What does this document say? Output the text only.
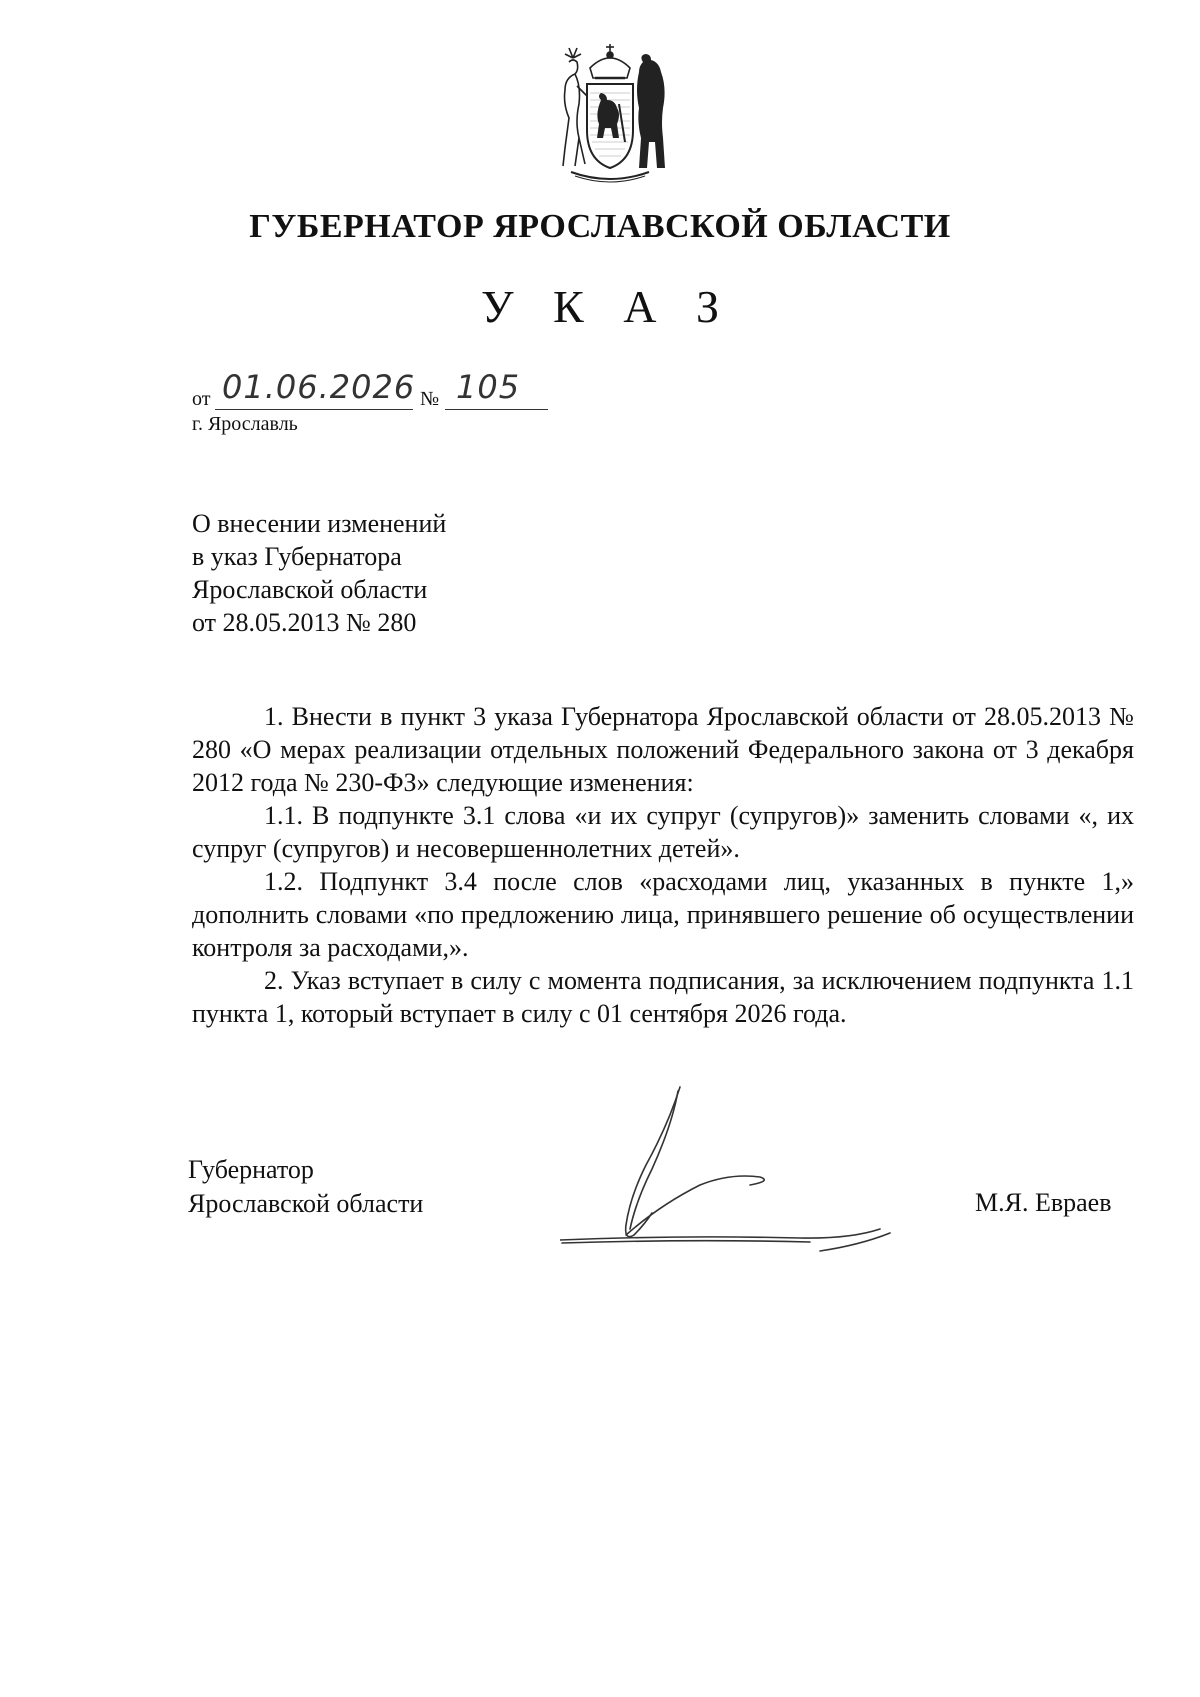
ГУБЕРНАТОР ЯРОСЛАВСКОЙ ОБЛАСТИ
У К А З
от 01.06.2026 № 105
г. Ярославль
О внесении изменений
в указ Губернатора
Ярославской области
от 28.05.2013 № 280

1. Внести в пункт 3 указа Губернатора Ярославской области от 28.05.2013 № 280 «О мерах реализации отдельных положений Федерального закона от 3 декабря 2012 года № 230-ФЗ» следующие изменения:

1.1. В подпункте 3.1 слова «и их супруг (супругов)» заменить словами «, их супруг (супругов) и несовершеннолетних детей».

1.2. Подпункт 3.4 после слов «расходами лиц, указанных в пункте 1,» дополнить словами «по предложению лица, принявшего решение об осуществлении контроля за расходами,».

2. Указ вступает в силу с момента подписания, за исключением подпункта 1.1 пункта 1, который вступает в силу с 01 сентября 2026 года.

Губернатор
Ярославской области	М.Я. Евраев
